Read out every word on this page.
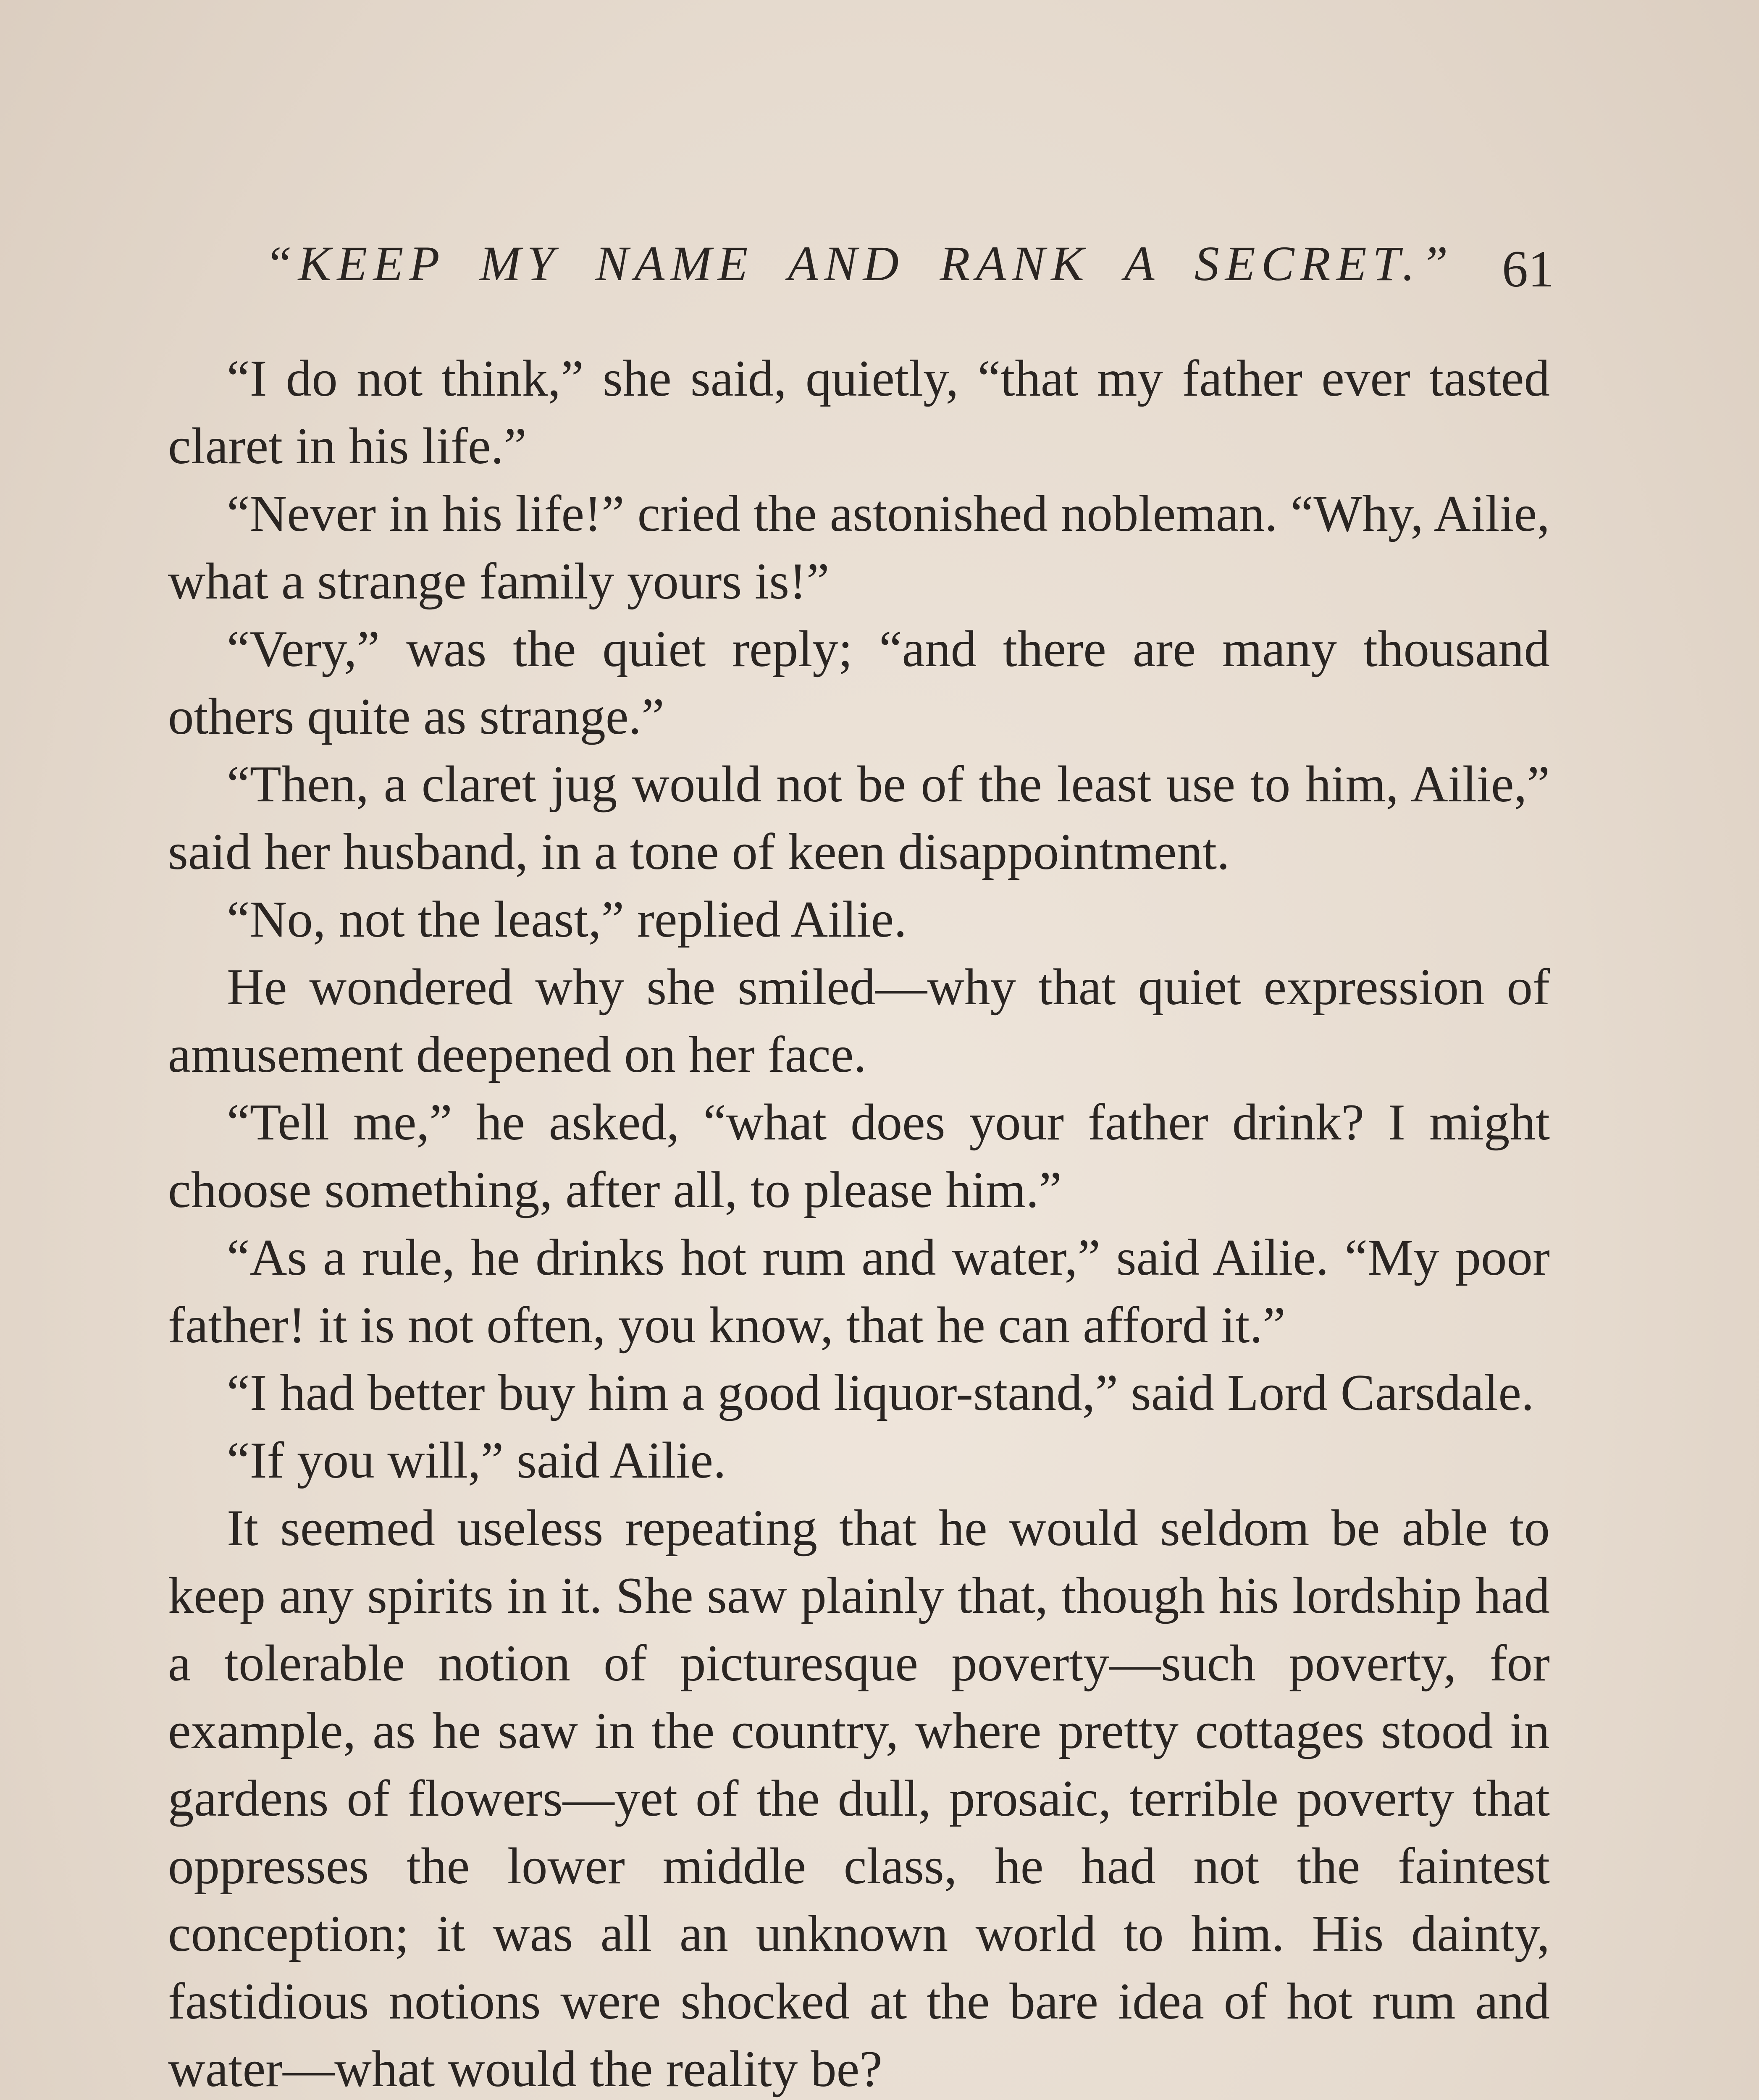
“KEEP MY NAME AND RANK A SECRET.” 61

“I do not think,” she said, quietly, “that my father ever tasted claret in his life.”

“Never in his life!” cried the astonished nobleman. “Why, Ailie, what a strange family yours is!”

“Very,” was the quiet reply; “and there are many thousand others quite as strange.”

“Then, a claret jug would not be of the least use to him, Ailie,” said her husband, in a tone of keen disappointment.

“No, not the least,” replied Ailie.

He wondered why she smiled—why that quiet expression of amusement deepened on her face.

“Tell me,” he asked, “what does your father drink? I might choose something, after all, to please him.”

“As a rule, he drinks hot rum and water,” said Ailie. “My poor father! it is not often, you know, that he can afford it.”

“I had better buy him a good liquor-stand,” said Lord Carsdale.

“If you will,” said Ailie.

It seemed useless repeating that he would seldom be able to keep any spirits in it. She saw plainly that, though his lordship had a tolerable notion of picturesque poverty—such poverty, for example, as he saw in the country, where pretty cottages stood in gardens of flowers—yet of the dull, prosaic, terrible poverty that oppresses the lower middle class, he had not the faintest conception; it was all an unknown world to him. His dainty, fastidious notions were shocked at the bare idea of hot rum and water—what would the reality be?
